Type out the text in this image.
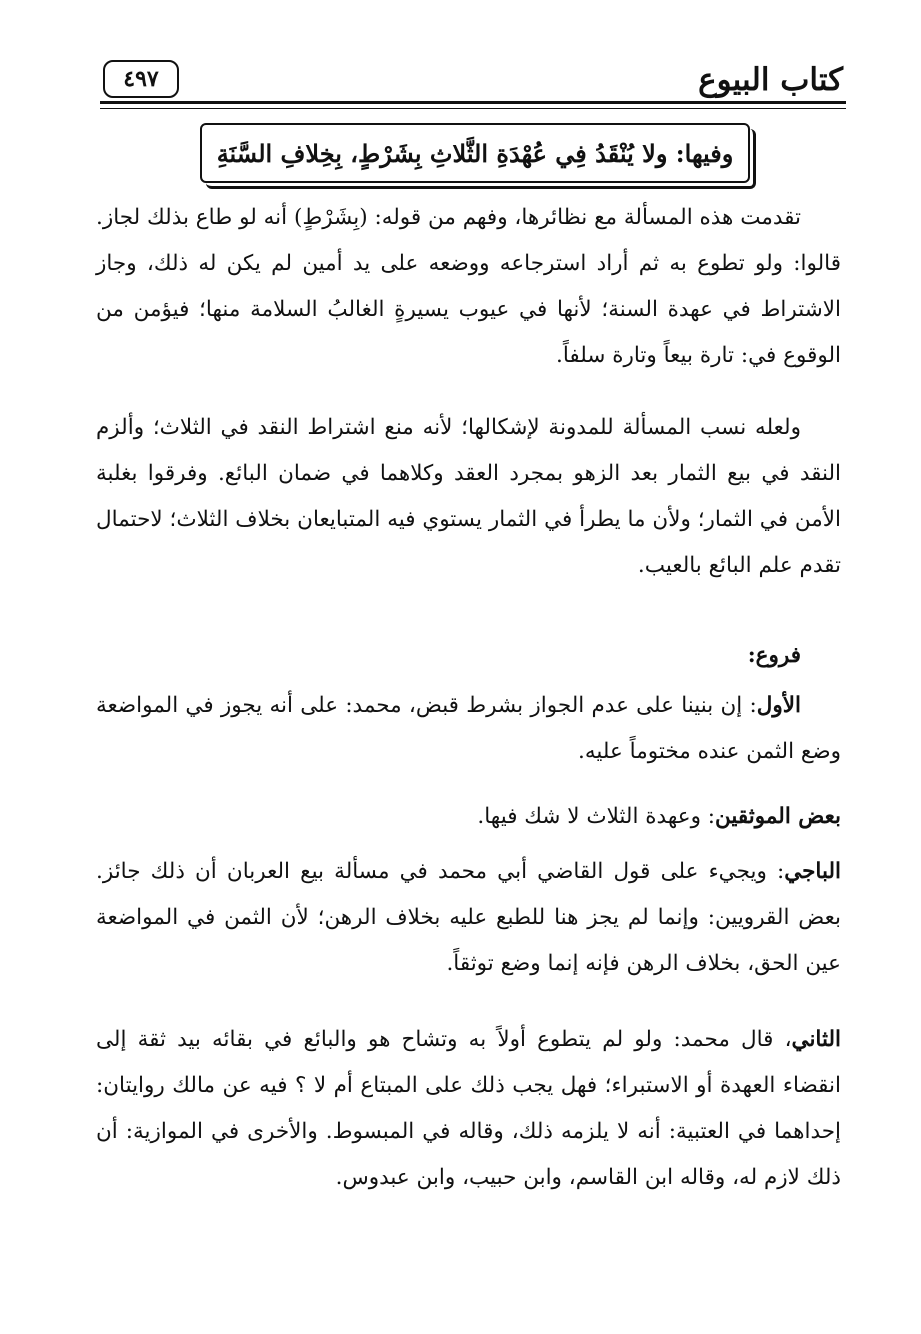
كتاب البيوع
٤٩٧
وفيها: ولا يُنْقَدُ فِي عُهْدَةِ الثَّلاثِ بِشَرْطٍ، بِخِلافِ السَّنَةِ

تقدمت هذه المسألة مع نظائرها، وفهم من قوله: (بِشَرْطٍ) أنه لو طاع بذلك لجاز. قالوا: ولو تطوع به ثم أراد استرجاعه ووضعه على يد أمين لم يكن له ذلك، وجاز الاشتراط في عهدة السنة؛ لأنها في عيوب يسيرةٍ الغالبُ السلامة منها؛ فيؤمن من الوقوع في: تارة بيعاً وتارة سلفاً.

ولعله نسب المسألة للمدونة لإشكالها؛ لأنه منع اشتراط النقد في الثلاث؛ وألزم النقد في بيع الثمار بعد الزهو بمجرد العقد وكلاهما في ضمان البائع. وفرقوا بغلبة الأمن في الثمار؛ ولأن ما يطرأ في الثمار يستوي فيه المتبايعان بخلاف الثلاث؛ لاحتمال تقدم علم البائع بالعيب.

فروع:

الأول: إن بنينا على عدم الجواز بشرط قبض، محمد: على أنه يجوز في المواضعة وضع الثمن عنده مختوماً عليه.

بعض الموثقين: وعهدة الثلاث لا شك فيها.

الباجي: ويجيء على قول القاضي أبي محمد في مسألة بيع العربان أن ذلك جائز. بعض القرويين: وإنما لم يجز هنا للطبع عليه بخلاف الرهن؛ لأن الثمن في المواضعة عين الحق، بخلاف الرهن فإنه إنما وضع توثقاً.

الثاني، قال محمد: ولو لم يتطوع أولاً به وتشاح هو والبائع في بقائه بيد ثقة إلى انقضاء العهدة أو الاستبراء؛ فهل يجب ذلك على المبتاع أم لا ؟ فيه عن مالك روايتان: إحداهما في العتبية: أنه لا يلزمه ذلك، وقاله في المبسوط. والأخرى في الموازية: أن ذلك لازم له، وقاله ابن القاسم، وابن حبيب، وابن عبدوس.
